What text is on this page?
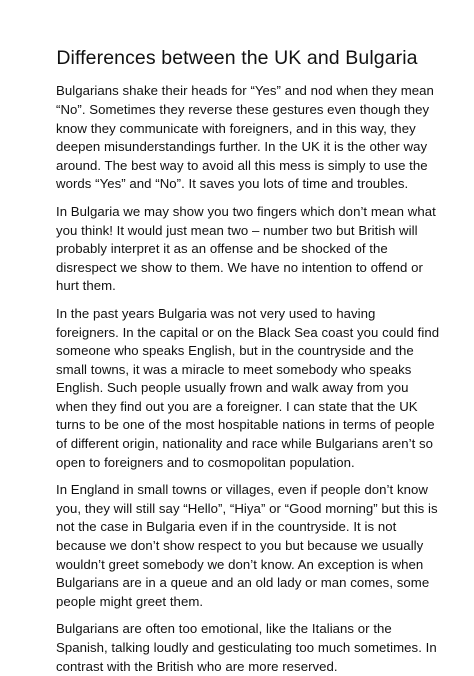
Differences between the UK and Bulgaria

Bulgarians shake their heads for “Yes” and nod when they mean “No”. Sometimes they reverse these gestures even though they know they communicate with foreigners, and in this way, they deepen misunderstandings further. In the UK it is the other way around. The best way to avoid all this mess is simply to use the words “Yes” and “No”. It saves you lots of time and troubles.

In Bulgaria we may show you two fingers which don’t mean what you think! It would just mean two – number two but British will probably interpret it as an offense and be shocked of the disrespect we show to them. We have no intention to offend or hurt them.

In the past years Bulgaria was not very used to having foreigners. In the capital or on the Black Sea coast you could find someone who speaks English, but in the countryside and the small towns, it was a miracle to meet somebody who speaks English. Such people usually frown and walk away from you when they find out you are a foreigner. I can state that the UK turns to be one of the most hospitable nations in terms of people of different origin, nationality and race while Bulgarians aren’t so open to foreigners and to cosmopolitan population.

In England in small towns or villages, even if people don’t know you, they will still say “Hello”, “Hiya” or “Good morning” but this is not the case in Bulgaria even if in the countryside. It is not because we don’t show respect to you but because we usually wouldn’t greet somebody we don’t know. An exception is when Bulgarians are in a queue and an old lady or man comes, some people might greet them.

Bulgarians are often too emotional, like the Italians or the Spanish, talking loudly and gesticulating too much sometimes. In contrast with the British who are more reserved.
